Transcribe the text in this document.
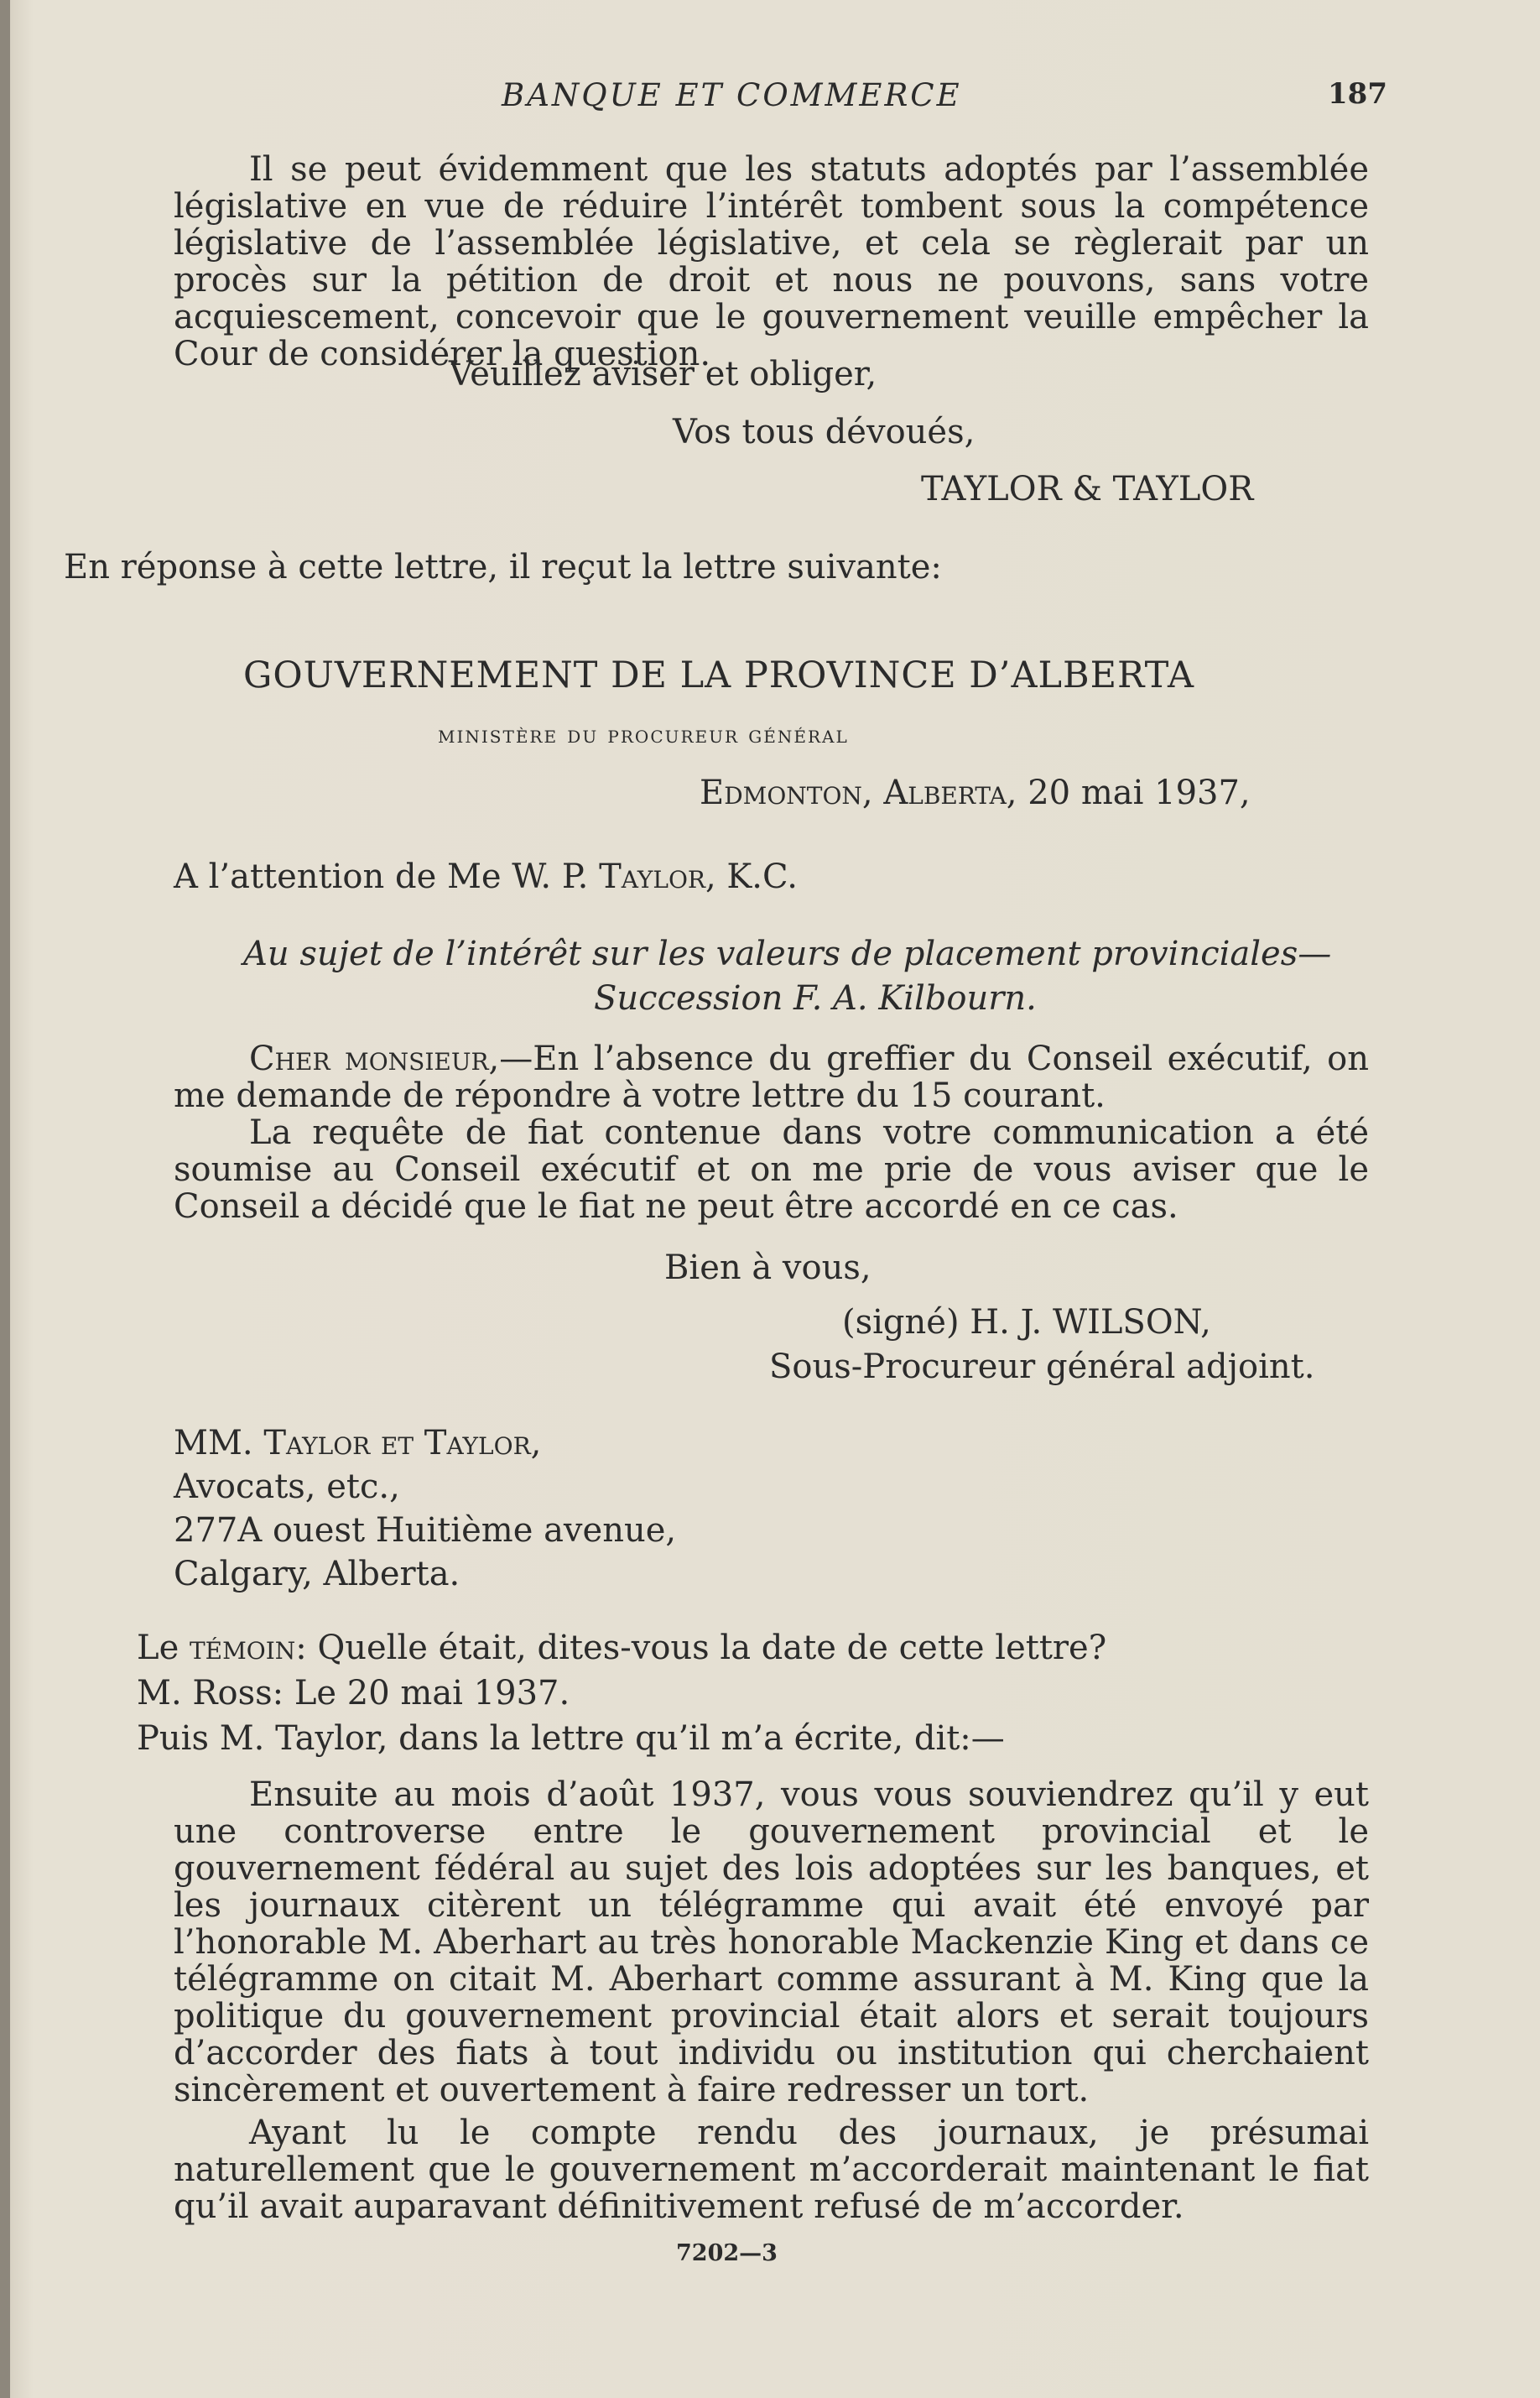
BANQUE ET COMMERCE	187
Il se peut évidemment que les statuts adoptés par l’assemblée législative en vue de réduire l’intérêt tombent sous la compétence législative de l’assemblée législative, et cela se règlerait par un procès sur la pétition de droit et nous ne pouvons, sans votre acquiescement, concevoir que le gouvernement veuille empêcher la Cour de considérer la question.
Veuillez aviser et obliger,
Vos tous dévoués,
TAYLOR & TAYLOR
En réponse à cette lettre, il reçut la lettre suivante:
GOUVERNEMENT DE LA PROVINCE D’ALBERTA
ministère du procureur général
Edmonton, Alberta, 20 mai 1937,
A l’attention de Me W. P. Taylor, K.C.
Au sujet de l’intérêt sur les valeurs de placement provinciales—
Succession F. A. Kilbourn.

Cher monsieur,—En l’absence du greffier du Conseil exécutif, on me demande de répondre à votre lettre du 15 courant.

La requête de fiat contenue dans votre communication a été soumise au Conseil exécutif et on me prie de vous aviser que le Conseil a décidé que le fiat ne peut être accordé en ce cas.

Bien à vous,
(signé) H. J. WILSON,
Sous-Procureur général adjoint.
MM. Taylor et Taylor,
Avocats, etc.,
277A ouest Huitième avenue,
Calgary, Alberta.
Le témoin: Quelle était, dites-vous la date de cette lettre?
M. Ross: Le 20 mai 1937.
Puis M. Taylor, dans la lettre qu’il m’a écrite, dit:—
Ensuite au mois d’août 1937, vous vous souviendrez qu’il y eut une controverse entre le gouvernement provincial et le gouvernement fédéral au sujet des lois adoptées sur les banques, et les journaux citèrent un télégramme qui avait été envoyé par l’honorable M. Aberhart au très honorable Mackenzie King et dans ce télégramme on citait M. Aberhart comme assurant à M. King que la politique du gouvernement provincial était alors et serait toujours d’accorder des fiats à tout individu ou institution qui cherchaient sincèrement et ouvertement à faire redresser un tort.
Ayant lu le compte rendu des journaux, je présumai naturellement que le gouvernement m’accorderait maintenant le fiat qu’il avait auparavant définitivement refusé de m’accorder.
7202—3
